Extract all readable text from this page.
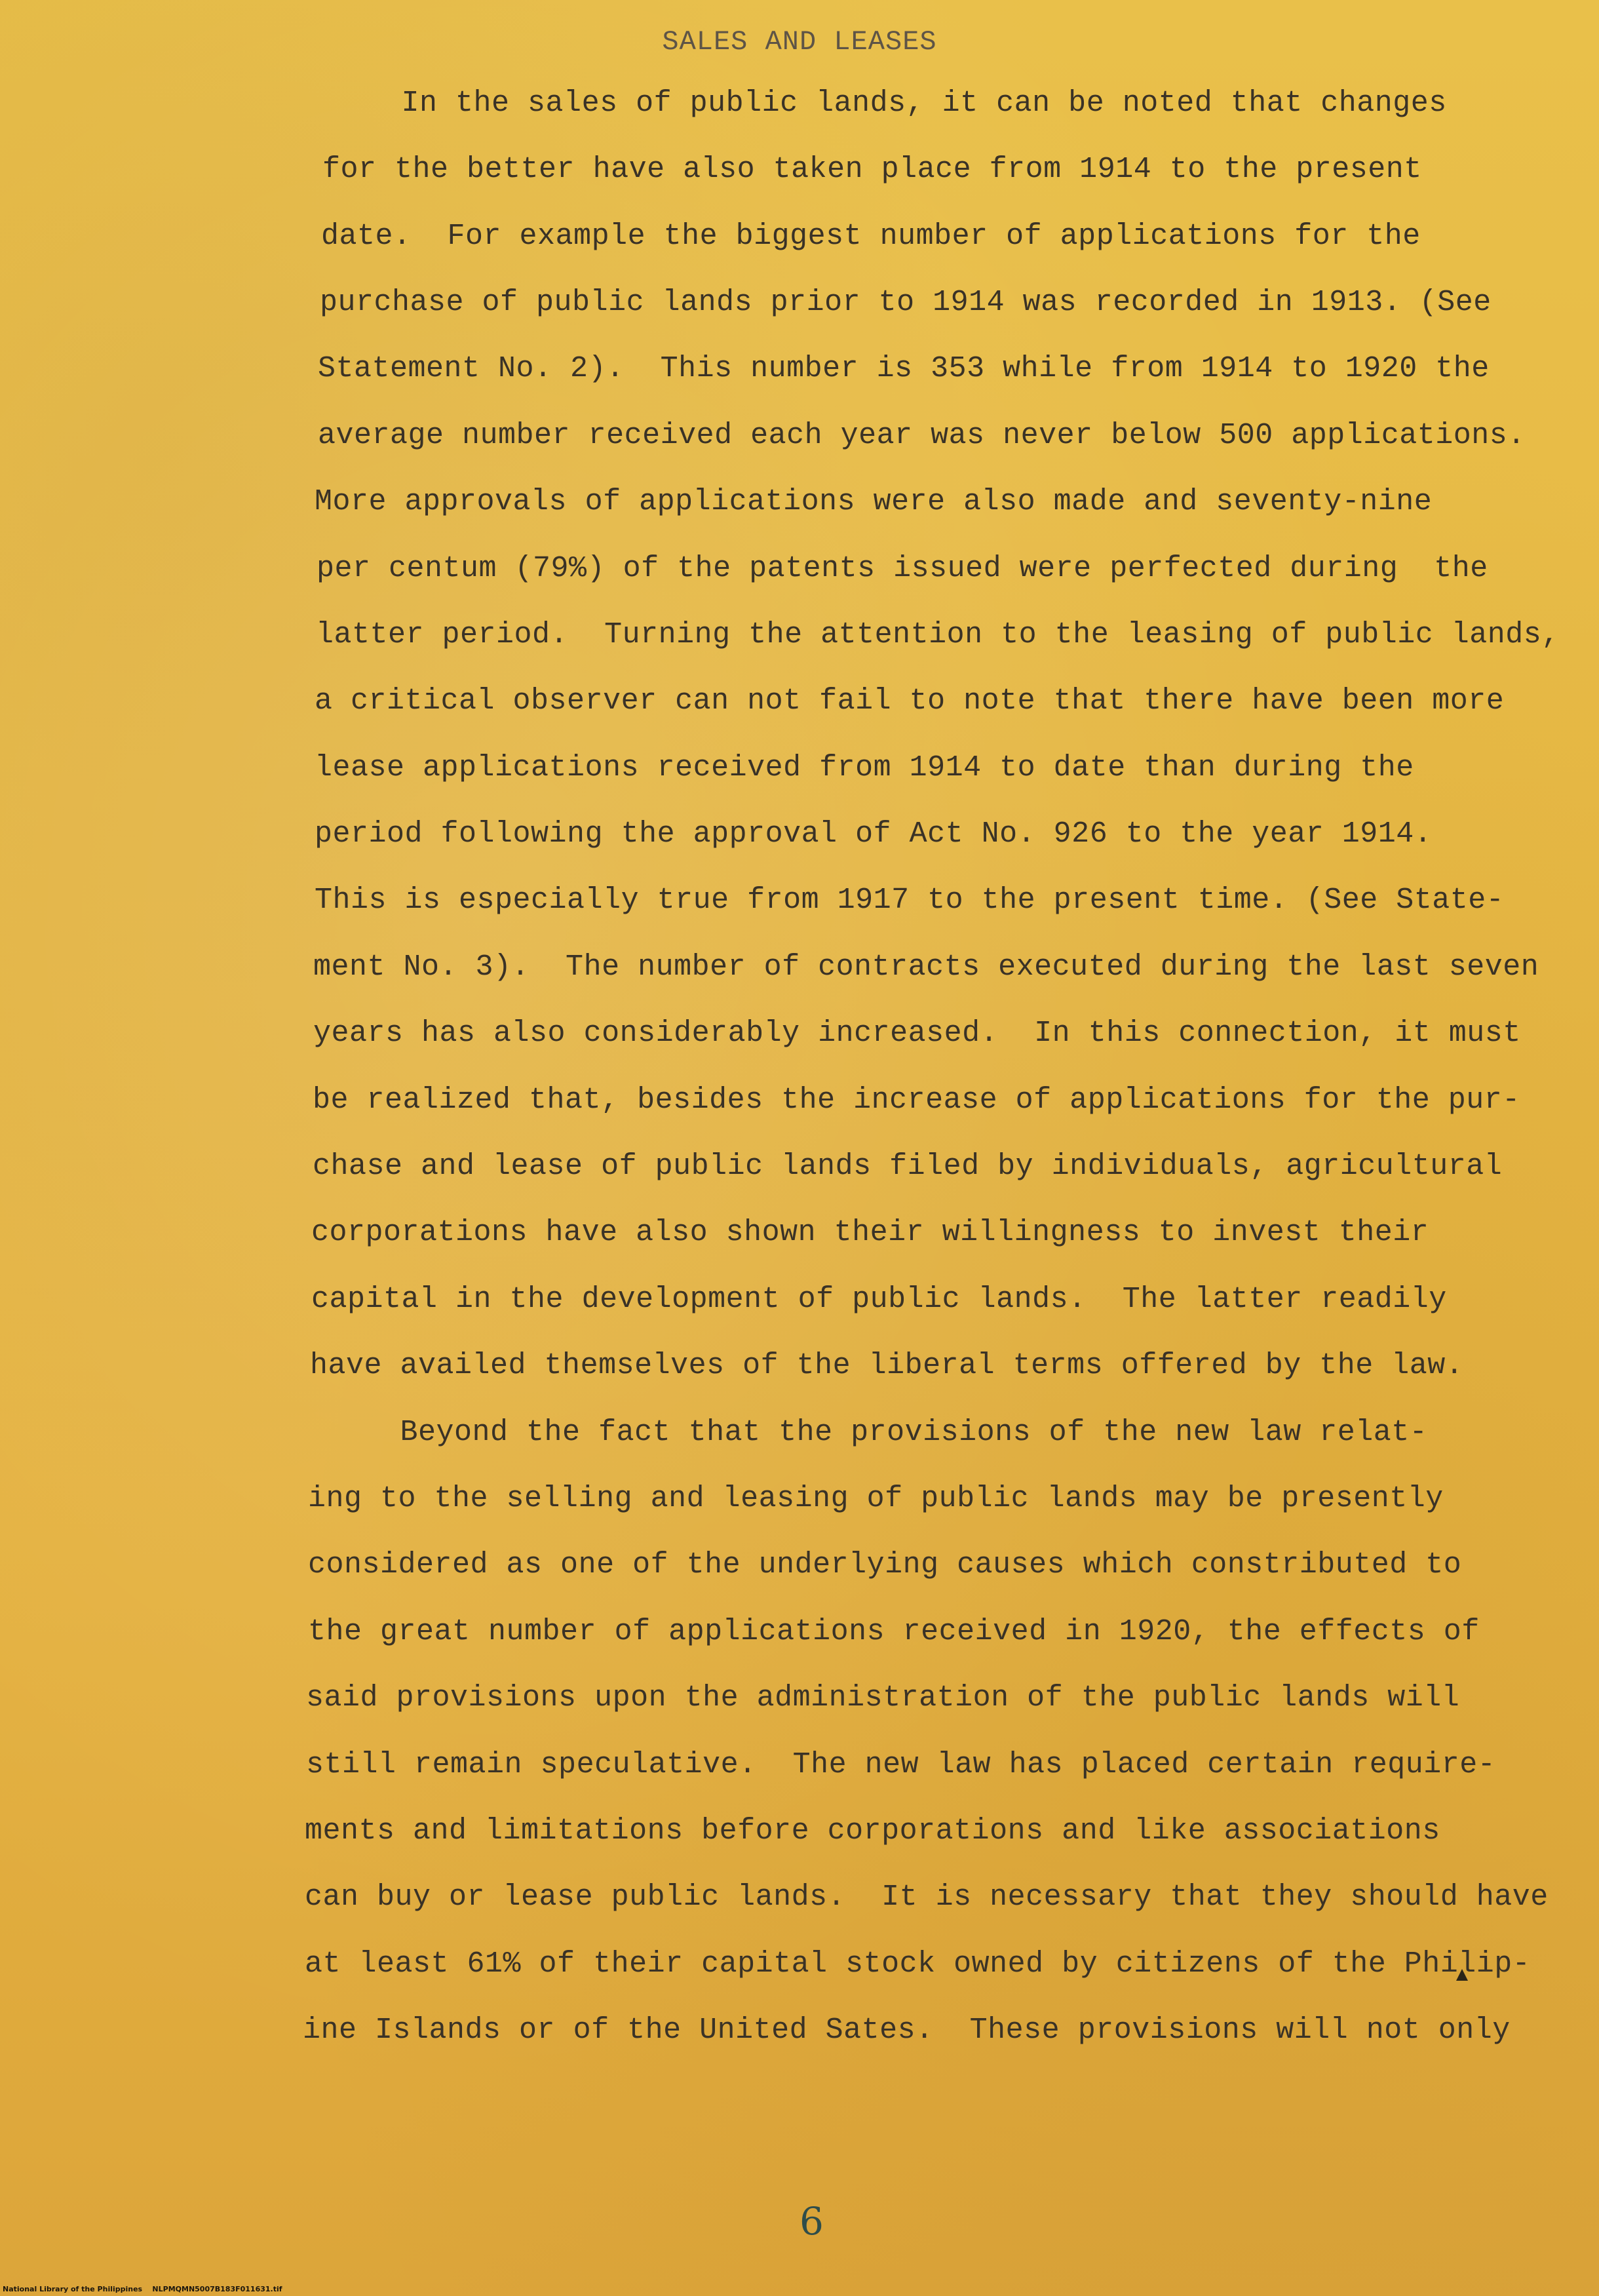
SALES AND LEASES
In the sales of public lands, it can be noted that changes
for the better have also taken place from 1914 to the present
date.  For example the biggest number of applications for the
purchase of public lands prior to 1914 was recorded in 1913. (See
Statement No. 2).  This number is 353 while from 1914 to 1920 the
average number received each year was never below 500 applications.
More approvals of applications were also made and seventy-nine
per centum (79%) of the patents issued were perfected during  the
latter period.  Turning the attention to the leasing of public lands,
a critical observer can not fail to note that there have been more
lease applications received from 1914 to date than during the
period following the approval of Act No. 926 to the year 1914.
This is especially true from 1917 to the present time. (See State-
ment No. 3).  The number of contracts executed during the last seven
years has also considerably increased.  In this connection, it must
be realized that, besides the increase of applications for the pur-
chase and lease of public lands filed by individuals, agricultural
corporations have also shown their willingness to invest their
capital in the development of public lands.  The latter readily
have availed themselves of the liberal terms offered by the law.
Beyond the fact that the provisions of the new law relat-
ing to the selling and leasing of public lands may be presently
considered as one of the underlying causes which constributed to
the great number of applications received in 1920, the effects of
said provisions upon the administration of the public lands will
still remain speculative.  The new law has placed certain require-
ments and limitations before corporations and like associations
can buy or lease public lands.  It is necessary that they should have
at least 61% of their capital stock owned by citizens of the Philip-
ine Islands or of the United Sates.  These provisions will not only
6
National Library of the Philippines    NLPMQMN5007B183F011631.tif
